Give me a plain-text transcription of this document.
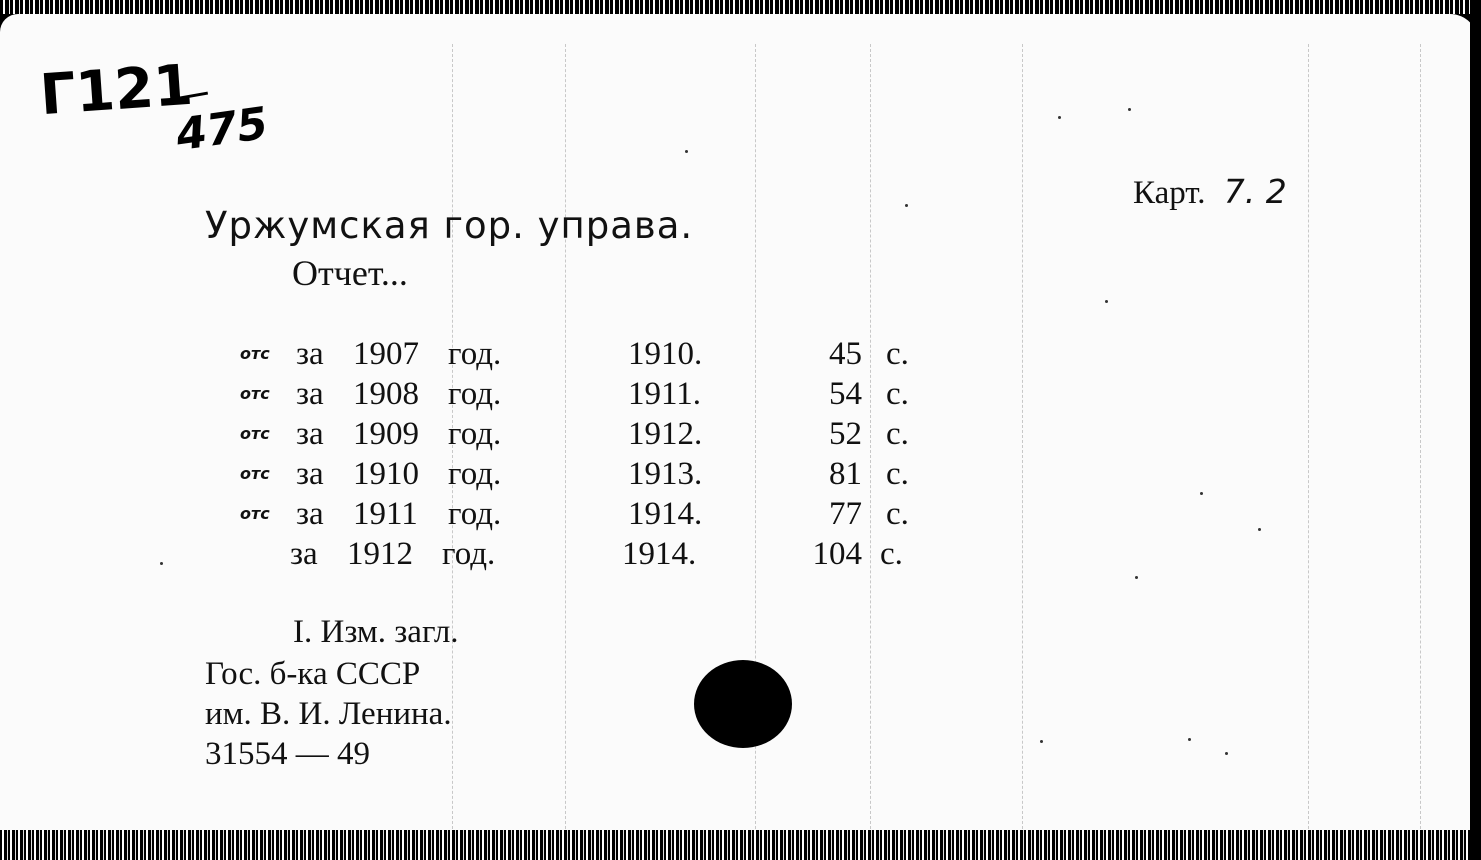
Г121
475
Карт. 7. 2
Уржумская гор. управа.
Отчет...
отс за 1907 год.	1910.	45 с.
отс за 1908 год.	1911.	54 с.
отс за 1909 год.	1912.	52 с.
отс за 1910 год.	1913.	81 с.
отс за 1911 год.	1914.	77 с.
за 1912 год.	1914.	104 с.
I. Изм. загл.
Гос. б-ка СССР
им. В. И. Ленина.
31554 — 49
